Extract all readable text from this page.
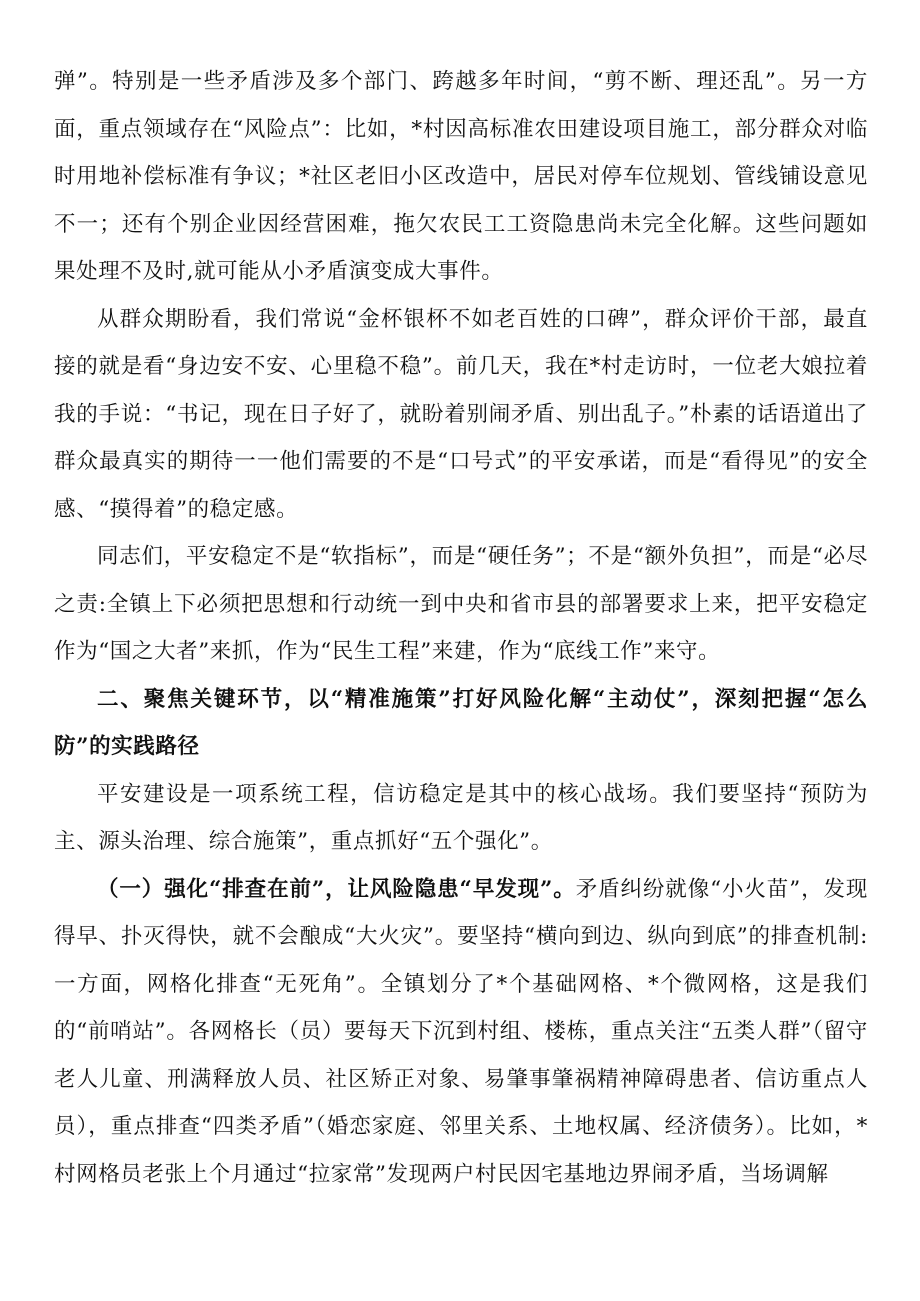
弹”。特别是一些矛盾涉及多个部门、跨越多年时间，“剪不断、理还乱”。另一方面，重点领域存在“风险点”：比如，*村因高标准农田建设项目施工，部分群众对临时用地补偿标准有争议；*社区老旧小区改造中，居民对停车位规划、管线铺设意见不一；还有个别企业因经营困难，拖欠农民工工资隐患尚未完全化解。这些问题如果处理不及时,就可能从小矛盾演变成大事件。

从群众期盼看，我们常说“金杯银杯不如老百姓的口碑”，群众评价干部，最直接的就是看“身边安不安、心里稳不稳”。前几天，我在*村走访时，一位老大娘拉着我的手说：“书记，现在日子好了，就盼着别闹矛盾、别出乱子。”朴素的话语道出了群众最真实的期待一一他们需要的不是“口号式”的平安承诺，而是“看得见”的安全感、“摸得着”的稳定感。

同志们，平安稳定不是“软指标”，而是“硬任务”；不是“额外负担”，而是“必尽之责:全镇上下必须把思想和行动统一到中央和省市县的部署要求上来，把平安稳定作为“国之大者”来抓，作为“民生工程”来建，作为“底线工作”来守。

二、聚焦关键环节，以“精准施策”打好风险化解“主动仗”，深刻把握“怎么防”的实践路径

平安建设是一项系统工程，信访稳定是其中的核心战场。我们要坚持“预防为主、源头治理、综合施策”，重点抓好“五个强化”。

（一）强化“排查在前”，让风险隐患“早发现”。矛盾纠纷就像“小火苗”，发现得早、扑灭得快，就不会酿成“大火灾”。要坚持“横向到边、纵向到底”的排查机制:一方面，网格化排查“无死角”。全镇划分了*个基础网格、*个微网格，这是我们的“前哨站”。各网格长（员）要每天下沉到村组、楼栋，重点关注“五类人群”（留守老人儿童、刑满释放人员、社区矫正对象、易肇事肇祸精神障碍患者、信访重点人员），重点排查“四类矛盾”（婚恋家庭、邻里关系、土地权属、经济债务）。比如，*村网格员老张上个月通过“拉家常”发现两户村民因宅基地边界闹矛盾，当场调解
